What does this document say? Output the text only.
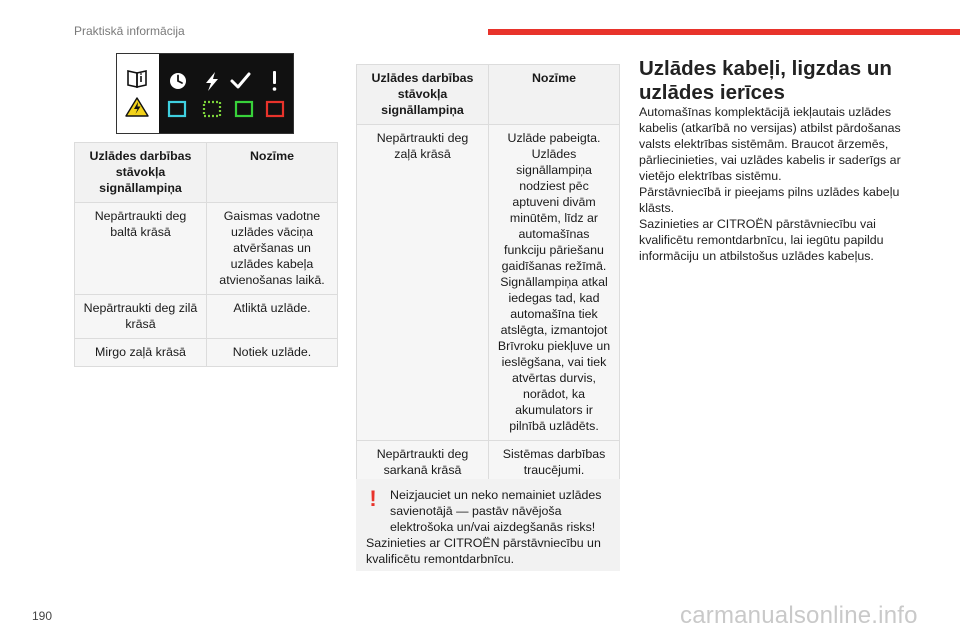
Praktiskā informācija
Uzlādes darbības stāvokļa signāllampiņa	Nozīme
Nepārtraukti deg baltā krāsā	Gaismas vadotne uzlādes vāciņa atvēršanas un uzlādes kabeļa atvienošanas laikā.
Nepārtraukti deg zilā krāsā	Atliktā uzlāde.
Mirgo zaļā krāsā	Notiek uzlāde.
Uzlādes darbības stāvokļa signāllampiņa	Nozīme
Nepārtraukti deg zaļā krāsā	Uzlāde pabeigta. Uzlādes signāllampiņa nodziest pēc aptuveni divām minūtēm, līdz ar automašīnas funkciju pāriešanu gaidīšanas režīmā. Signāllampiņa atkal iedegas tad, kad automašīna tiek atslēgta, izmantojot Brīvroku piekļuve un ieslēgšana, vai tiek atvērtas durvis, norādot, ka akumulators ir pilnībā uzlādēts.
Nepārtraukti deg sarkanā krāsā	Sistēmas darbības traucējumi.
!	Neizjauciet un neko nemainiet uzlādes savienotājā — pastāv nāvējoša elektrošoka un/vai aizdegšanās risks!
Sazinieties ar CITROËN pārstāvniecību un kvalificētu remontdarbnīcu.
Uzlādes kabeļi, ligzdas un uzlādes ierīces

Automašīnas komplektācijā iekļautais uzlādes kabelis (atkarībā no versijas) atbilst pārdošanas valsts elektrības sistēmām. Braucot ārzemēs, pārliecinieties, vai uzlādes kabelis ir saderīgs ar vietējo elektrības sistēmu.

Pārstāvniecībā ir pieejams pilns uzlādes kabeļu klāsts.

Sazinieties ar CITROËN pārstāvniecību vai kvalificētu remontdarbnīcu, lai iegūtu papildu informāciju un atbilstošus uzlādes kabeļus.

190	carmanualsonline.info
